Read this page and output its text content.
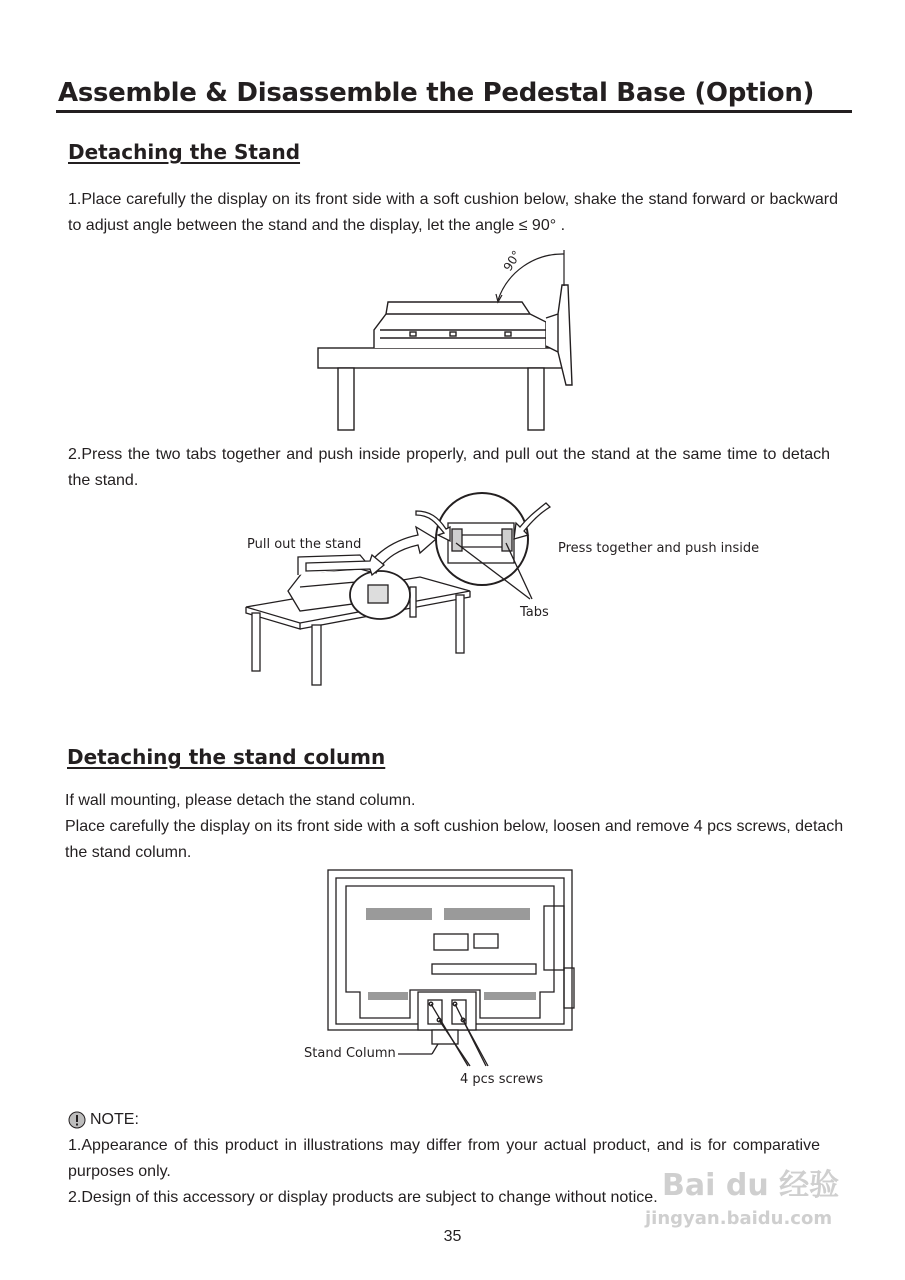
Assemble & Disassemble the Pedestal Base (Option)
Detaching the Stand
1.Place carefully the display on its front side with a soft cushion below, shake the stand forward or backward to adjust angle between the stand and the display, let the angle ≤ 90° .
90°
2.Press the two tabs together and push inside properly, and pull out the stand at the same time to detach the stand.
Pull out the stand	Press together and push inside
Tabs
Detaching the stand column
If wall mounting, please detach the stand column.
Place carefully the display on its front side with a soft cushion below, loosen and remove 4 pcs screws, detach the stand column.
Stand Column
4 pcs screws
NOTE:
1.Appearance of this product in illustrations may differ from your actual product, and is for comparative purposes only.
2.Design of this accessory or display products are subject to change without notice.
35
Bai du 经验
jingyan.baidu.com
